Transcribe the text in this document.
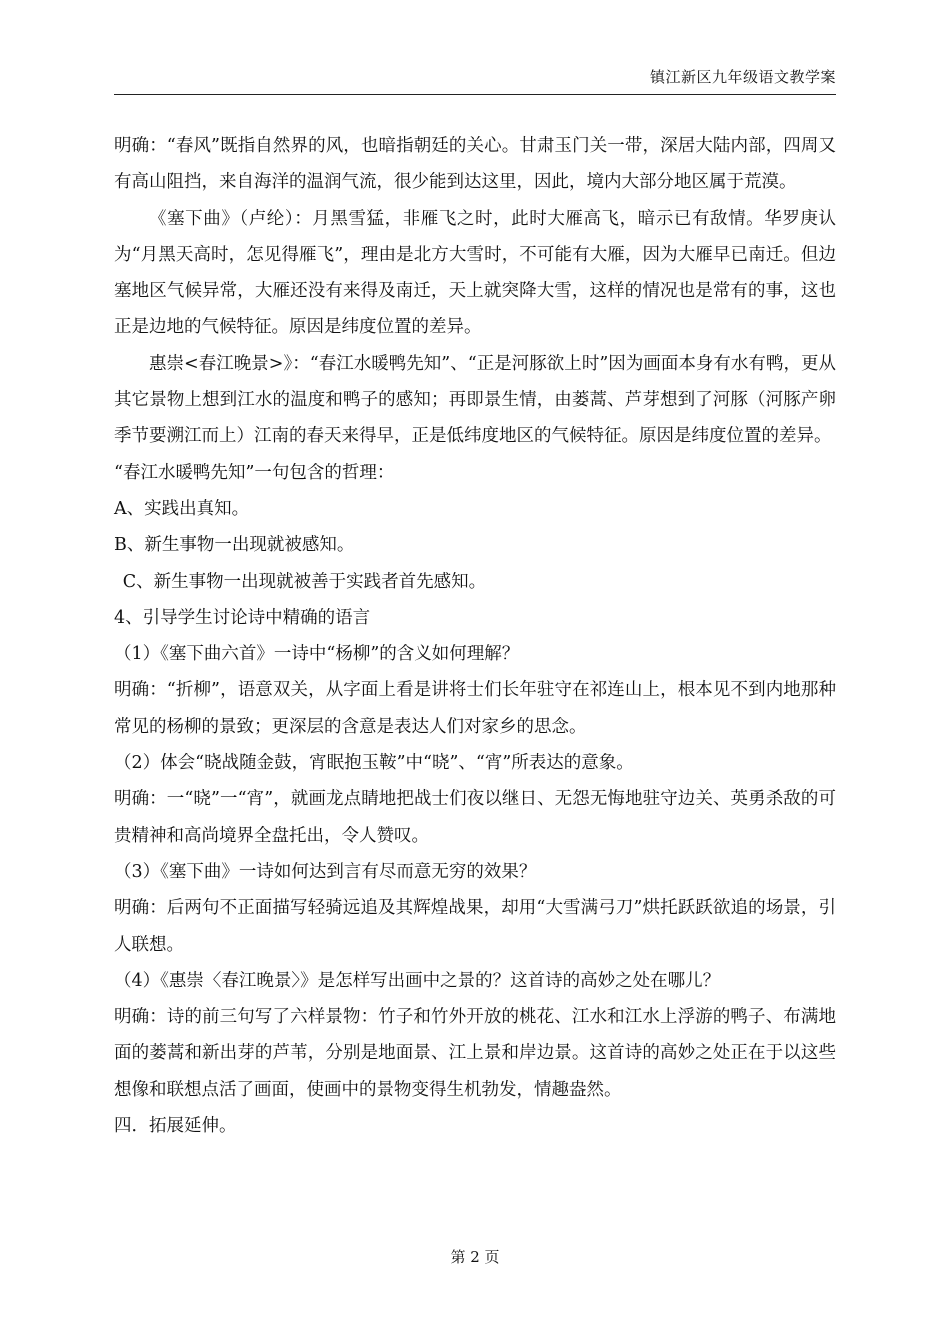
镇江新区九年级语文教学案

明确：“春风”既指自然界的风，也暗指朝廷的关心。甘肃玉门关一带，深居大陆内部，四周又有高山阻挡，来自海洋的温润气流，很少能到达这里，因此，境内大部分地区属于荒漠。

《塞下曲》（卢纶）：月黑雪猛，非雁飞之时，此时大雁高飞，暗示已有敌情。华罗庚认为“月黑天高时，怎见得雁飞”，理由是北方大雪时，不可能有大雁，因为大雁早已南迁。但边塞地区气候异常，大雁还没有来得及南迁，天上就突降大雪，这样的情况也是常有的事，这也正是边地的气候特征。原因是纬度位置的差异。

惠崇<春江晚景>》：“春江水暖鸭先知”、“正是河豚欲上时”因为画面本身有水有鸭，更从其它景物上想到江水的温度和鸭子的感知；再即景生情，由蒌蒿、芦芽想到了河豚（河豚产卵季节要溯江而上）江南的春天来得早，正是低纬度地区的气候特征。原因是纬度位置的差异。

“春江水暖鸭先知”一句包含的哲理：

A、实践出真知。

B、新生事物一出现就被感知。

C、新生事物一出现就被善于实践者首先感知。

4、引导学生讨论诗中精确的语言

（1）《塞下曲六首》一诗中“杨柳”的含义如何理解？

明确：“折柳”，语意双关，从字面上看是讲将士们长年驻守在祁连山上，根本见不到内地那种常见的杨柳的景致；更深层的含意是表达人们对家乡的思念。

（2）体会“晓战随金鼓，宵眠抱玉鞍”中“晓”、“宵”所表达的意象。

明确：一“晓”一“宵”，就画龙点睛地把战士们夜以继日、无怨无悔地驻守边关、英勇杀敌的可贵精神和高尚境界全盘托出，令人赞叹。

（3）《塞下曲》一诗如何达到言有尽而意无穷的效果？

明确：后两句不正面描写轻骑远追及其辉煌战果，却用“大雪满弓刀”烘托跃跃欲追的场景，引人联想。

（4）《惠崇〈春江晚景〉》是怎样写出画中之景的？这首诗的高妙之处在哪儿？

明确：诗的前三句写了六样景物：竹子和竹外开放的桃花、江水和江水上浮游的鸭子、布满地面的蒌蒿和新出芽的芦苇，分别是地面景、江上景和岸边景。这首诗的高妙之处正在于以这些想像和联想点活了画面，使画中的景物变得生机勃发，情趣盎然。

四．拓展延伸。

第 2 页
